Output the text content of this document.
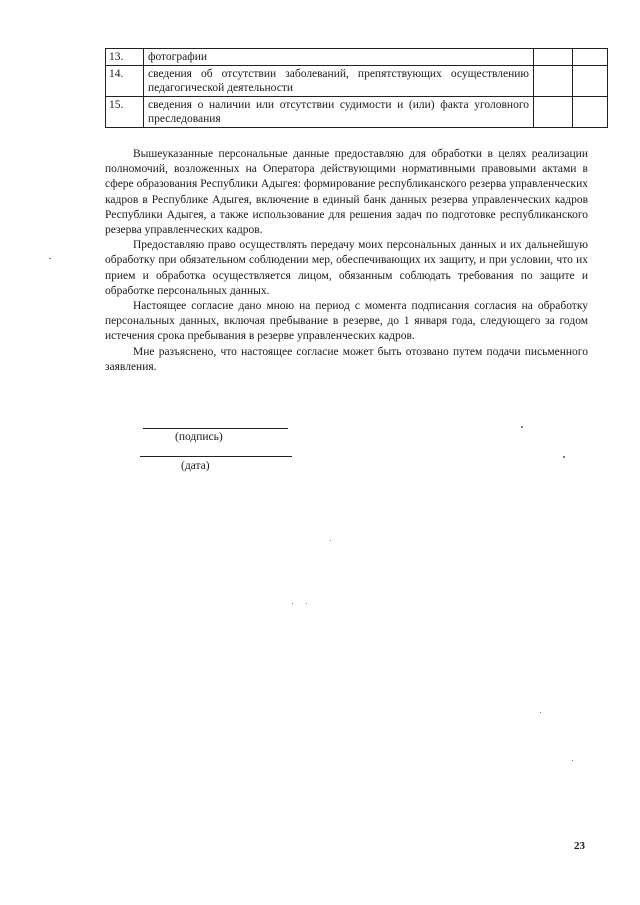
13.	фотографии		
14.	сведения об отсутствии заболеваний, препятствующих осуществлению педагогической деятельности		
15.	сведения о наличии или отсутствии судимости и (или) факта уголовного преследования		

Вышеуказанные персональные данные предоставляю для обработки в целях реализации полномочий, возложенных на Оператора действующими нормативными правовыми актами в сфере образования Республики Адыгея: формирование республиканского резерва управленческих кадров в Республике Адыгея, включение в единый банк данных резерва управленческих кадров Республики Адыгея, а также использование для решения задач по подготовке республиканского резерва управленческих кадров.

Предоставляю право осуществлять передачу моих персональных данных и их дальнейшую обработку при обязательном соблюдении мер, обеспечивающих их защиту, и при условии, что их прием и обработка осуществляется лицом, обязанным соблюдать требования по защите и обработке персональных данных.

Настоящее согласие дано мною на период с момента подписания согласия на обработку персональных данных, включая пребывание в резерве, до 1 января года, следующего за годом истечения срока пребывания в резерве управленческих кадров.

Мне разъяснено, что настоящее согласие может быть отозвано путем подачи письменного заявления.

(подпись)
(дата)
23
